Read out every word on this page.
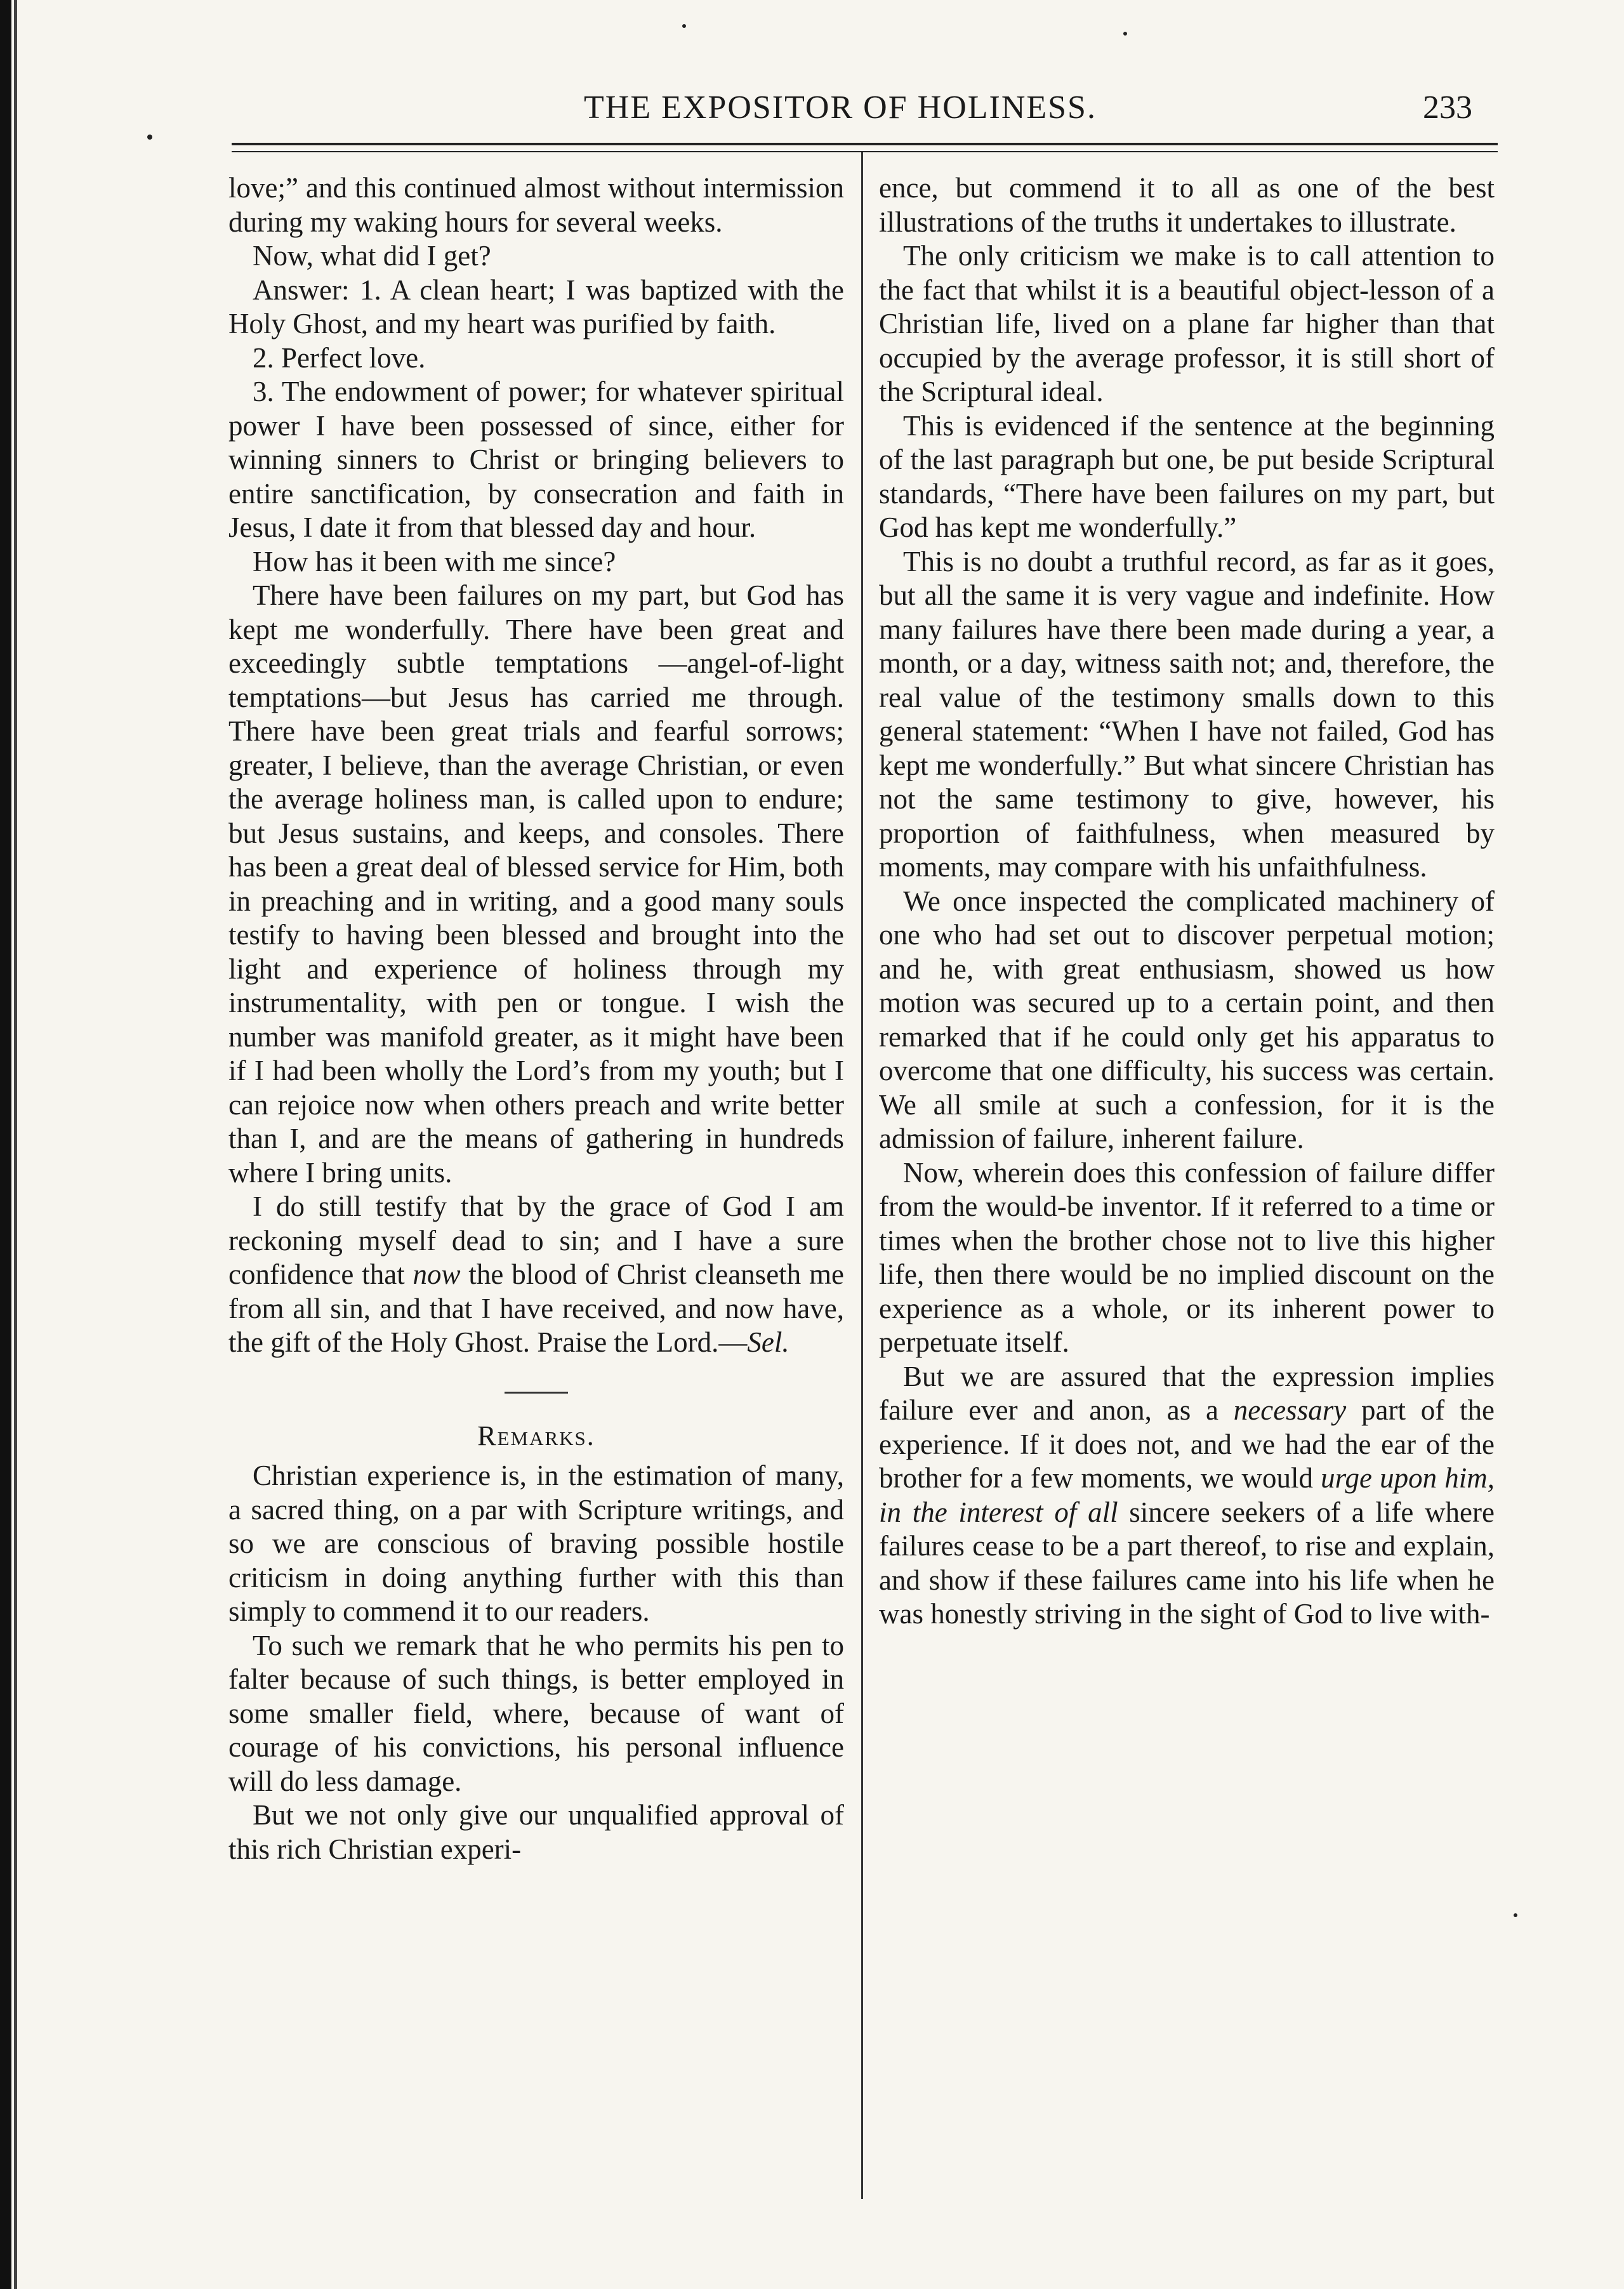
THE EXPOSITOR OF HOLINESS.	233

love;” and this continued almost without intermission during my waking hours for several weeks.

Now, what did I get?

Answer: 1. A clean heart; I was baptized with the Holy Ghost, and my heart was purified by faith.

2. Perfect love.

3. The endowment of power; for whatever spiritual power I have been possessed of since, either for winning sinners to Christ or bringing believers to entire sanctification, by consecration and faith in Jesus, I date it from that blessed day and hour.

How has it been with me since?

There have been failures on my part, but God has kept me wonderfully. There have been great and exceedingly subtle temptations —angel-of-light temptations—but Jesus has carried me through. There have been great trials and fearful sorrows; greater, I believe, than the average Christian, or even the average holiness man, is called upon to endure; but Jesus sustains, and keeps, and consoles. There has been a great deal of blessed service for Him, both in preaching and in writing, and a good many souls testify to having been blessed and brought into the light and experience of holiness through my instrumentality, with pen or tongue. I wish the number was manifold greater, as it might have been if I had been wholly the Lord’s from my youth; but I can rejoice now when others preach and write better than I, and are the means of gathering in hundreds where I bring units.

I do still testify that by the grace of God I am reckoning myself dead to sin; and I have a sure confidence that now the blood of Christ cleanseth me from all sin, and that I have received, and now have, the gift of the Holy Ghost. Praise the Lord.—Sel.

Remarks.

Christian experience is, in the estimation of many, a sacred thing, on a par with Scripture writings, and so we are conscious of braving possible hostile criticism in doing anything further with this than simply to commend it to our readers.

To such we remark that he who permits his pen to falter because of such things, is better employed in some smaller field, where, because of want of courage of his convictions, his personal influence will do less damage.

But we not only give our unqualified approval of this rich Christian experi-

ence, but commend it to all as one of the best illustrations of the truths it undertakes to illustrate.

The only criticism we make is to call attention to the fact that whilst it is a beautiful object-lesson of a Christian life, lived on a plane far higher than that occupied by the average professor, it is still short of the Scriptural ideal.

This is evidenced if the sentence at the beginning of the last paragraph but one, be put beside Scriptural standards, “There have been failures on my part, but God has kept me wonderfully.”

This is no doubt a truthful record, as far as it goes, but all the same it is very vague and indefinite. How many failures have there been made during a year, a month, or a day, witness saith not; and, therefore, the real value of the testimony smalls down to this general statement: “When I have not failed, God has kept me wonderfully.” But what sincere Christian has not the same testimony to give, however, his proportion of faithfulness, when measured by moments, may compare with his unfaithfulness.

We once inspected the complicated machinery of one who had set out to discover perpetual motion; and he, with great enthusiasm, showed us how motion was secured up to a certain point, and then remarked that if he could only get his apparatus to overcome that one difficulty, his success was certain. We all smile at such a confession, for it is the admission of failure, inherent failure.

Now, wherein does this confession of failure differ from the would-be inventor. If it referred to a time or times when the brother chose not to live this higher life, then there would be no implied discount on the experience as a whole, or its inherent power to perpetuate itself.

But we are assured that the expression implies failure ever and anon, as a necessary part of the experience. If it does not, and we had the ear of the brother for a few moments, we would urge upon him, in the interest of all sincere seekers of a life where failures cease to be a part thereof, to rise and explain, and show if these failures came into his life when he was honestly striving in the sight of God to live with-
